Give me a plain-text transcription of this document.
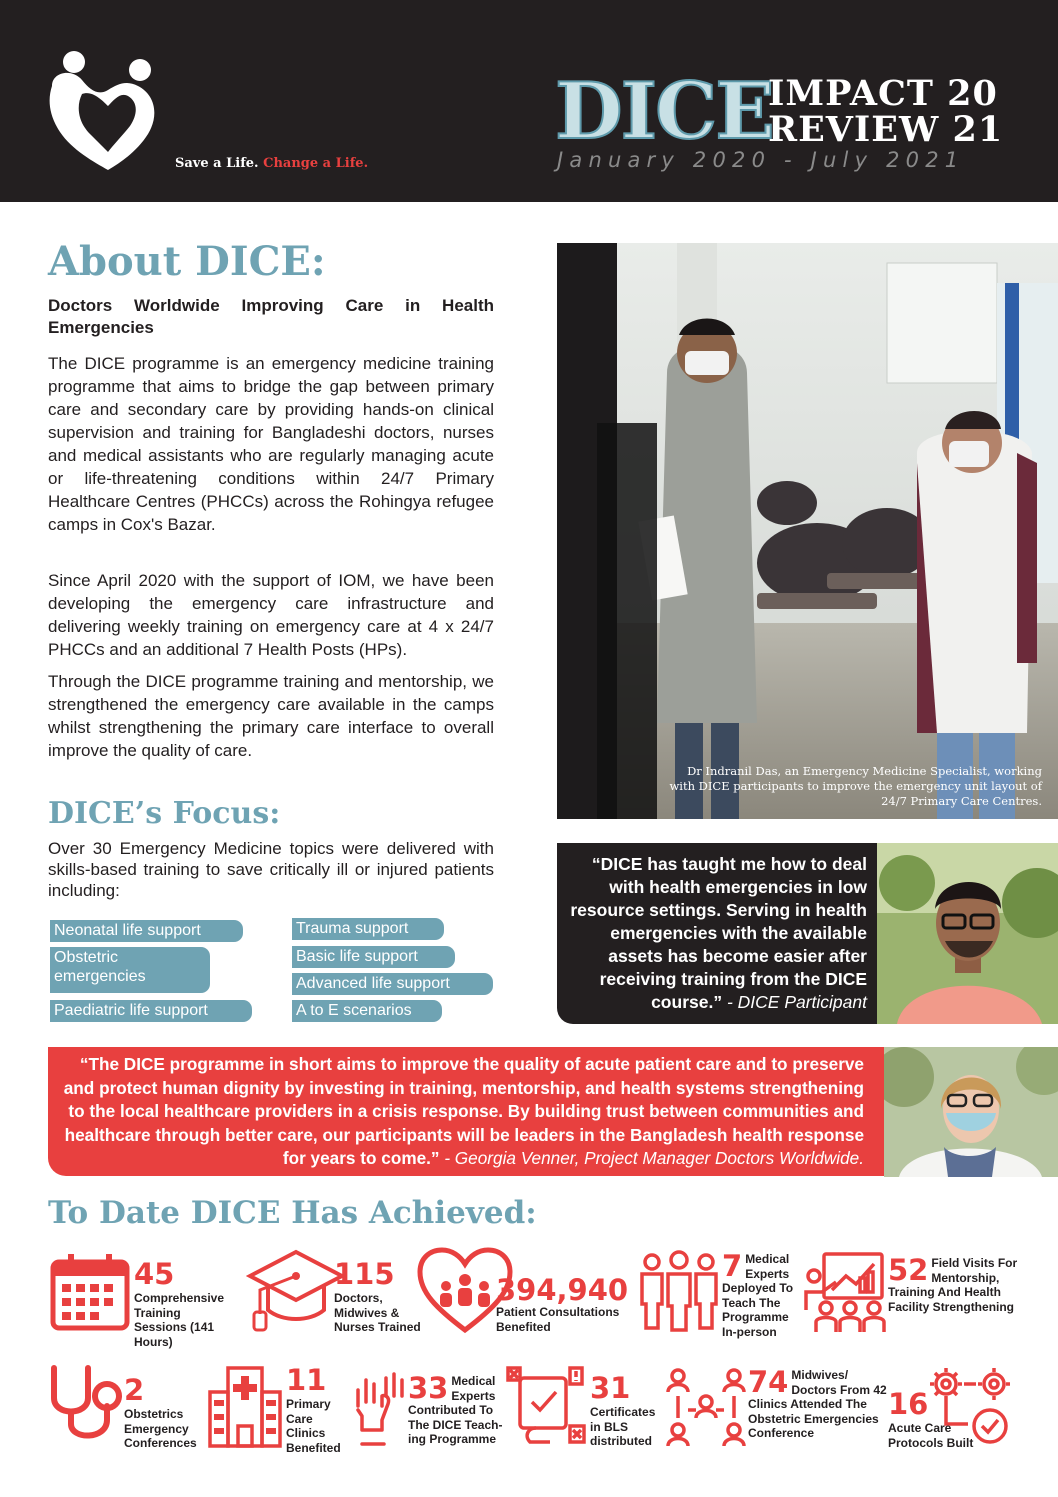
Save a Life. Change a Life.
DICE
IMPACT 20
REVIEW 21
January 2020 - July 2021
About DICE:
Doctors Worldwide Improving Care in Health Emergencies
The DICE programme is an emergency medicine training programme that aims to bridge the gap between primary care and secondary care by providing hands-on clinical supervision and training for Bangladeshi doctors, nurses and medical assistants who are regularly managing acute or life-threatening conditions within 24/7 Primary Healthcare Centres (PHCCs) across the Rohingya refugee camps in Cox's Bazar.
Since April 2020 with the support of IOM, we have been developing the emergency care infrastructure and delivering weekly training on emergency care at 4 x 24/7 PHCCs and an additional 7 Health Posts (HPs).
Through the DICE programme training and mentorship, we strengthened the emergency care available in the camps whilst strengthening the primary care interface to overall improve the quality of care.
DICE’s Focus:
Over 30 Emergency Medicine topics were delivered with skills-based training to save critically ill or injured patients including:
Neonatal life support
Obstetric emergencies
Paediatric life support
Trauma support
Basic life support
Advanced life support
A to E scenarios
Dr Indranil Das, an Emergency Medicine Specialist, working with DICE participants to improve the emergency unit layout of 24/7 Primary Care Centres.
“DICE has taught me how to deal with health emergencies in low resource settings. Serving in health emergencies with the available assets has become easier after receiving training from the DICE course.” - DICE Participant
“The DICE programme in short aims to improve the quality of acute patient care and to preserve and protect human dignity by investing in training, mentorship, and health systems strengthening to the local healthcare providers in a crisis response. By building trust between communities and healthcare through better care, our participants will be leaders in the Bangladesh health response for years to come.” - Georgia Venner, Project Manager Doctors Worldwide.
To Date DICE Has Achieved:
45
Comprehensive Training Sessions (141 Hours)
115
Doctors, Midwives & Nurses Trained
394,940
Patient Consultations Benefited
7 Medical Experts Deployed To Teach The Programme In-person
52 Field Visits For Mentorship, Training And Health Facility Strengthening
2
Obstetrics Emergency Conferences
11
Primary Care Clinics Benefited
33 Medical Experts Contributed To The DICE Teach-ing Programme
31
Certificates in BLS distributed
74 Midwives/ Doctors From 42 Clinics Attended The Obstetric Emergencies Conference
16
Acute Care Protocols Built
